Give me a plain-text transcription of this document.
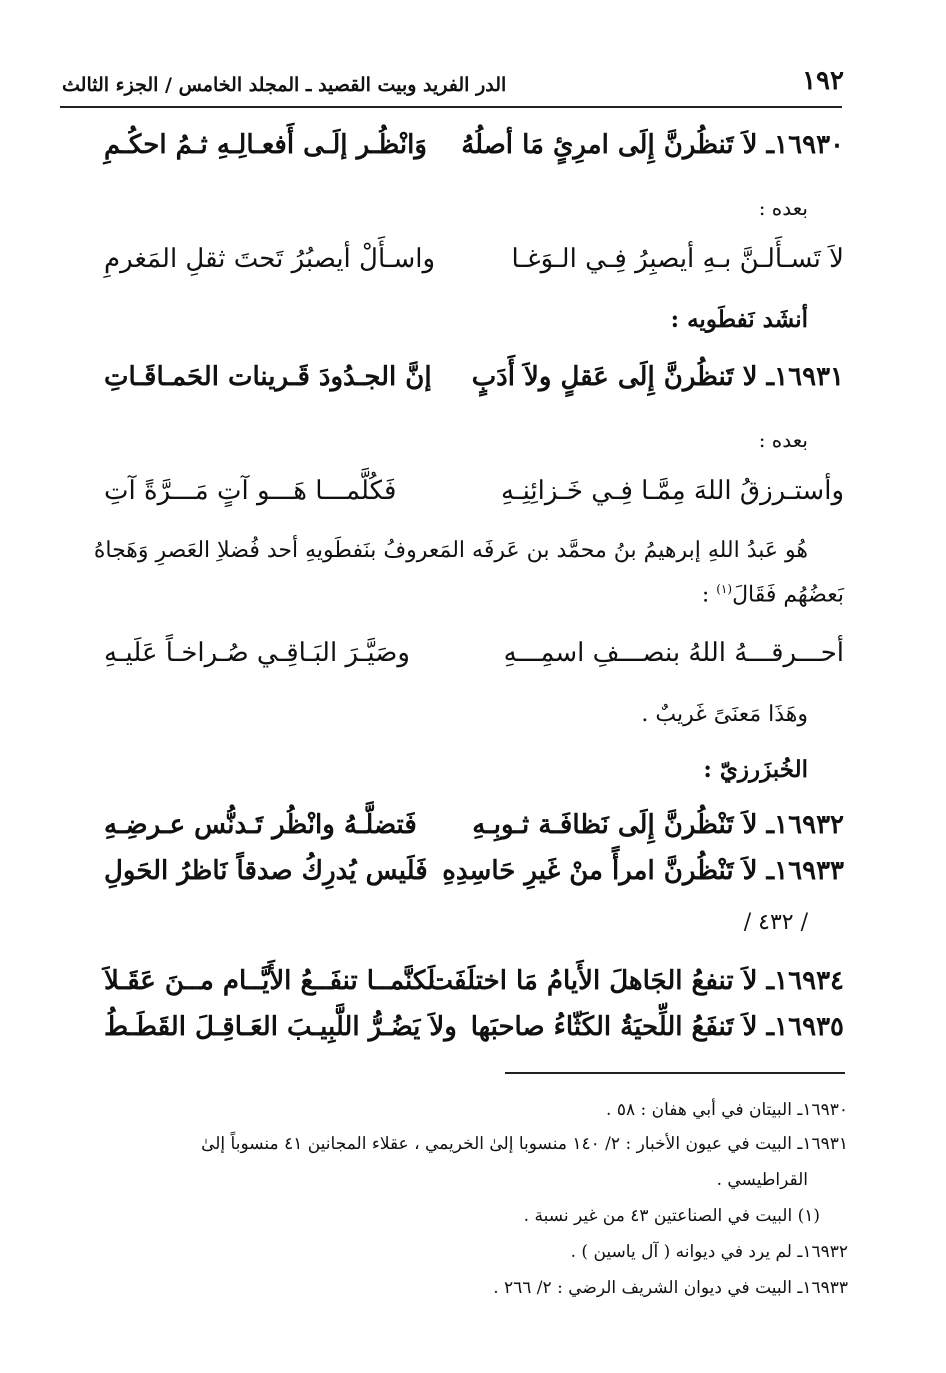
١٩٢
الدر الفريد وبيت القصيد ـ المجلد الخامس / الجزء الثالث
١٦٩٣٠ـ لاَ تَنظُرنَّ إِلَى امرِئٍ مَا أصلُهُ
وَانْظُـر إلَـى أَفعـالِـهِ ثـمُ احكُـمِ
بعده :
لاَ تَسـأَلـنَّ بـهِ أيصبِرُ فِـي الـوَغـا
واسـأَلْ أيصبُرُ تَحتَ ثقلِ المَغرمِ
أنشَد نَفطَويه :
١٦٩٣١ـ لا تَنظُرنَّ إِلَى عَقلٍ ولاَ أَدَبٍ
إنَّ الجـدُودَ قَـرينات الحَمـاقَـاتِ
بعده :
وأستـرزقُ اللهَ مِمَّـا فِـي خَـزائِنِـهِ
فَكُلَّمـــا هَـــو آتٍ مَـــرَّةً آتِ
هُو عَبدُ اللهِ إبرهيمُ بنُ محمَّد بن عَرفَه المَعروفُ بنَفطَويهِ أحد فُضلاِ العَصرِ وَهَجاهُ
بَعضُهُم فَقَالَ$^{(١)}$ :
أحـــرقـــهُ اللهُ بنصـــفِ اسمِـــهِ
وصَيَّـرَ البَـاقِـي صُـراخـاً عَلَيـهِ
وهَذَا مَعنَىً غَريبٌ .
الخُبزَرزيّ :
١٦٩٣٢ـ لاَ تَنْظُرنَّ إِلَى نَظافَـة ثـوبِـهِ
فَتضلَّـهُ وانْظُر تَـدنُّس عـرضِـهِ
١٦٩٣٣ـ لاَ تَنْظُرنَّ امرأً منْ غَيرِ حَاسِدِهِ
فَلَيس يُدرِكُ صدقاً نَاظرُ الحَولِ
/ ٤٣٢ /
١٦٩٣٤ـ لاَ تنفعُ الجَاهلَ الأَيامُ مَا اختلَفَت
لَكنَّمــا تنفَــعُ الأَيَّــام مــنَ عَقَـلاَ
١٦٩٣٥ـ لاَ تَنفَعُ اللِّحيَةُ الكَثّاءُ صاحبَها
ولاَ يَضُـرُّ اللَّبِيـبَ العَـاقِـلَ القَطَـطُ
١٦٩٣٠ـ البيتان في أبي هفان : ٥٨ .
١٦٩٣١ـ البيت في عيون الأخبار : ٢/ ١٤٠ منسوبا إلىٰ الخريمي ، عقلاء المجانين ٤١ منسوباً إلىٰ
القراطيسي .
(١) البيت في الصناعتين ٤٣ من غير نسبة .
١٦٩٣٢ـ لم يرد في ديوانه ( آل ياسين ) .
١٦٩٣٣ـ البيت في ديوان الشريف الرضي : ٢/ ٢٦٦ .
